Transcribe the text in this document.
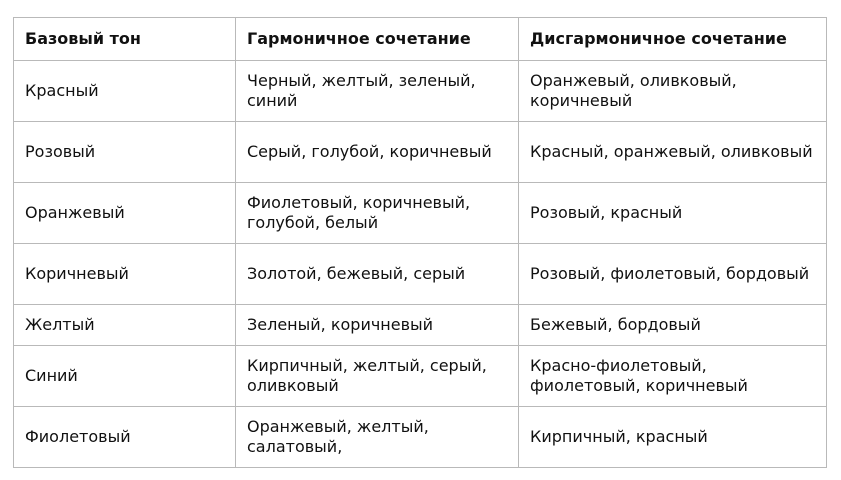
Базовый тон	Гармоничное сочетание	Дисгармоничное сочетание
Красный	Черный, желтый, зеленый, синий	Оранжевый, оливковый, коричневый
Розовый	Серый, голубой, коричневый	Красный, оранжевый, оливковый
Оранжевый	Фиолетовый, коричневый, голубой, белый	Розовый, красный
Коричневый	Золотой, бежевый, серый	Розовый, фиолетовый, бордовый
Желтый	Зеленый, коричневый	Бежевый, бордовый
Синий	Кирпичный, желтый, серый, оливковый	Красно-фиолетовый, фиолетовый, коричневый
Фиолетовый	Оранжевый, желтый, салатовый,	Кирпичный, красный
